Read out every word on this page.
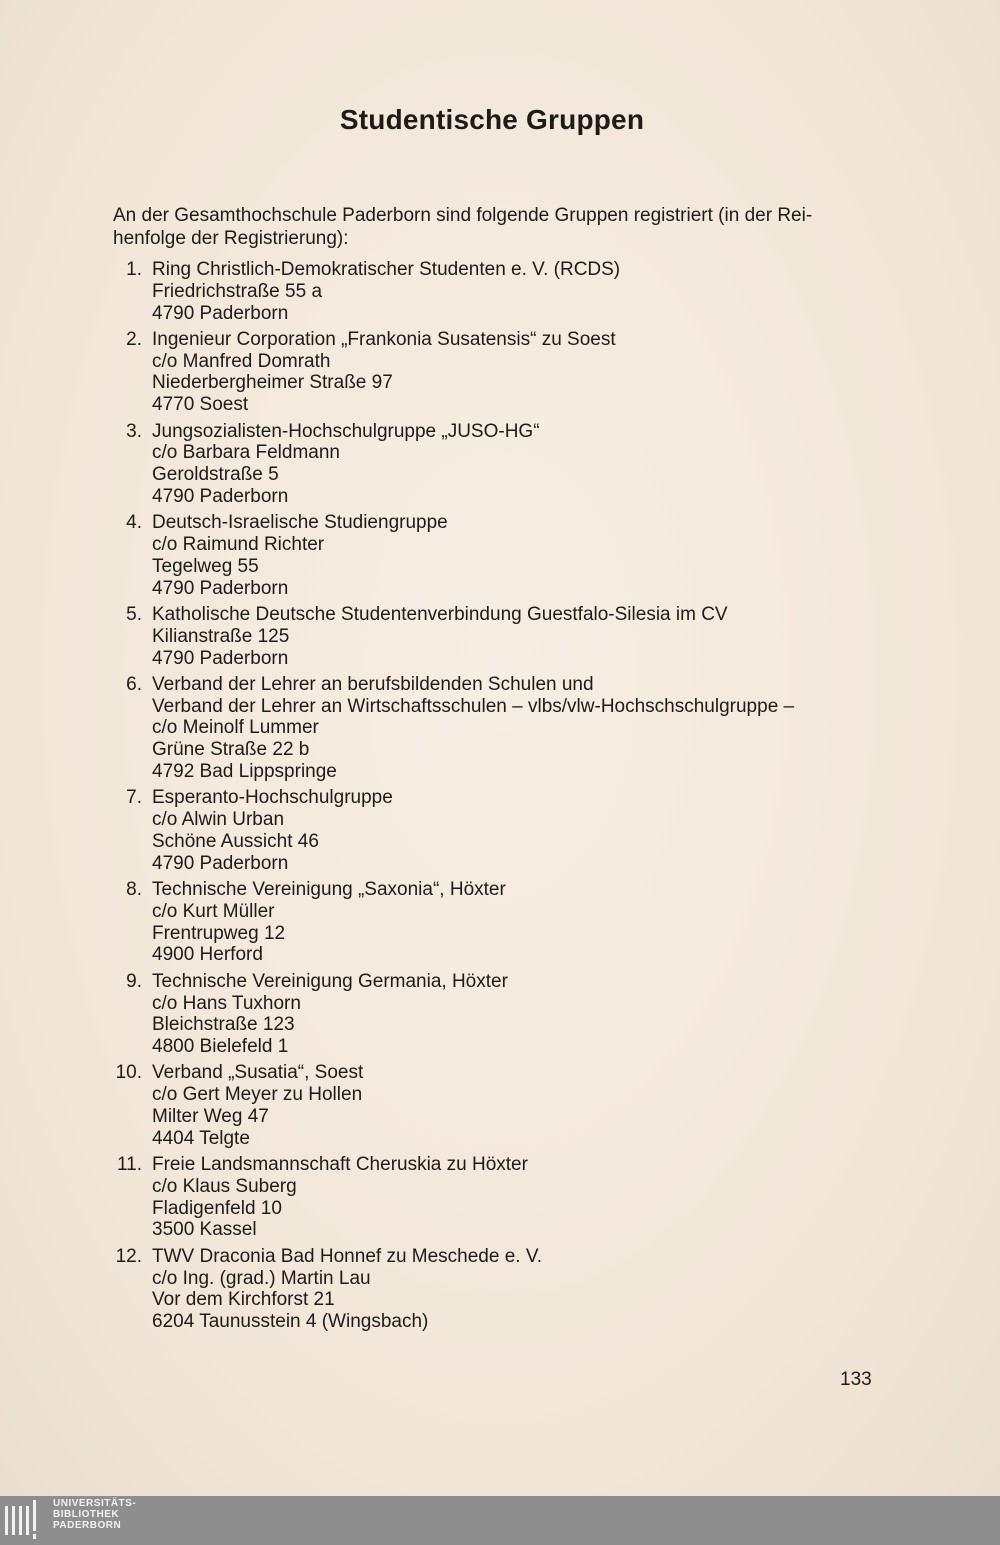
Studentische Gruppen
An der Gesamthochschule Paderborn sind folgende Gruppen registriert (in der Rei-
henfolge der Registrierung):
1. Ring Christlich-Demokratischer Studenten e. V. (RCDS)
Friedrichstraße 55 a
4790 Paderborn
2. Ingenieur Corporation „Frankonia Susatensis“ zu Soest
c/o Manfred Domrath
Niederbergheimer Straße 97
4770 Soest
3. Jungsozialisten-Hochschulgruppe „JUSO-HG“
c/o Barbara Feldmann
Geroldstraße 5
4790 Paderborn
4. Deutsch-Israelische Studiengruppe
c/o Raimund Richter
Tegelweg 55
4790 Paderborn
5. Katholische Deutsche Studentenverbindung Guestfalo-Silesia im CV
Kilianstraße 125
4790 Paderborn
6. Verband der Lehrer an berufsbildenden Schulen und
Verband der Lehrer an Wirtschaftsschulen – vlbs/vlw-Hochschschulgruppe –
c/o Meinolf Lummer
Grüne Straße 22 b
4792 Bad Lippspringe
7. Esperanto-Hochschulgruppe
c/o Alwin Urban
Schöne Aussicht 46
4790 Paderborn
8. Technische Vereinigung „Saxonia“, Höxter
c/o Kurt Müller
Frentrupweg 12
4900 Herford
9. Technische Vereinigung Germania, Höxter
c/o Hans Tuxhorn
Bleichstraße 123
4800 Bielefeld 1
10. Verband „Susatia“, Soest
c/o Gert Meyer zu Hollen
Milter Weg 47
4404 Telgte
11. Freie Landsmannschaft Cheruskia zu Höxter
c/o Klaus Suberg
Fladigenfeld 10
3500 Kassel
12. TWV Draconia Bad Honnef zu Meschede e. V.
c/o Ing. (grad.) Martin Lau
Vor dem Kirchforst 21
6204 Taunusstein 4 (Wingsbach)
133
UNIVERSITÄTS-
BIBLIOTHEK
PADERBORN
